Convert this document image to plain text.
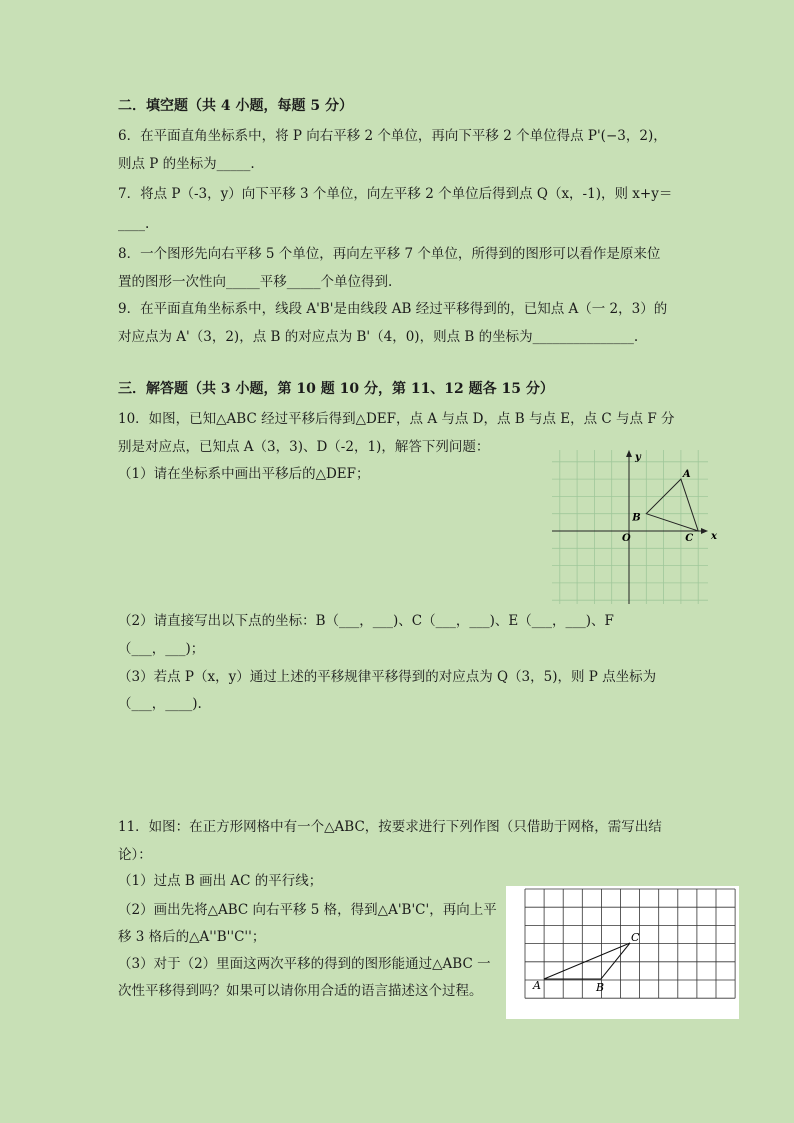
二．填空题（共 4 小题，每题 5 分）
6．在平面直角坐标系中，将 P 向右平移 2 个单位，再向下平移 2 个单位得点 P'(−3，2)，
则点 P 的坐标为_____.
7．将点 P（-3，y）向下平移 3 个单位，向左平移 2 个单位后得到点 Q（x，-1)，则 x+y＝
____.
8．一个图形先向右平移 5 个单位，再向左平移 7 个单位，所得到的图形可以看作是原来位
置的图形一次性向_____平移_____个单位得到.
9．在平面直角坐标系中，线段 A'B'是由线段 AB 经过平移得到的，已知点 A（一 2，3）的
对应点为 A'（3，2)，点 B 的对应点为 B'（4，0)，则点 B 的坐标为_______________.
三．解答题（共 3 小题，第 10 题 10 分，第 11、12 题各 15 分）
10．如图，已知△ABC 经过平移后得到△DEF，点 A 与点 D，点 B 与点 E，点 C 与点 F 分
别是对应点，已知点 A（3，3)、D（-2，1)，解答下列问题：
（1）请在坐标系中画出平移后的△DEF；
（2）请直接写出以下点的坐标：B（___，___)、C（___，___)、E（___，___)、F
（___，___)；
（3）若点 P（x，y）通过上述的平移规律平移得到的对应点为 Q（3，5)，则 P 点坐标为
（___，____).
11．如图：在正方形网格中有一个△ABC，按要求进行下列作图（只借助于网格，需写出结
论）：
（1）过点 B 画出 AC 的平行线；
（2）画出先将△ABC 向右平移 5 格，得到△A'B'C'，再向上平
移 3 格后的△A''B''C''；
（3）对于（2）里面这两次平移的得到的图形能通过△ABC 一
次性平移得到吗？如果可以请你用合适的语言描述这个过程。
y
x
O
A
B
C
A	B
C
